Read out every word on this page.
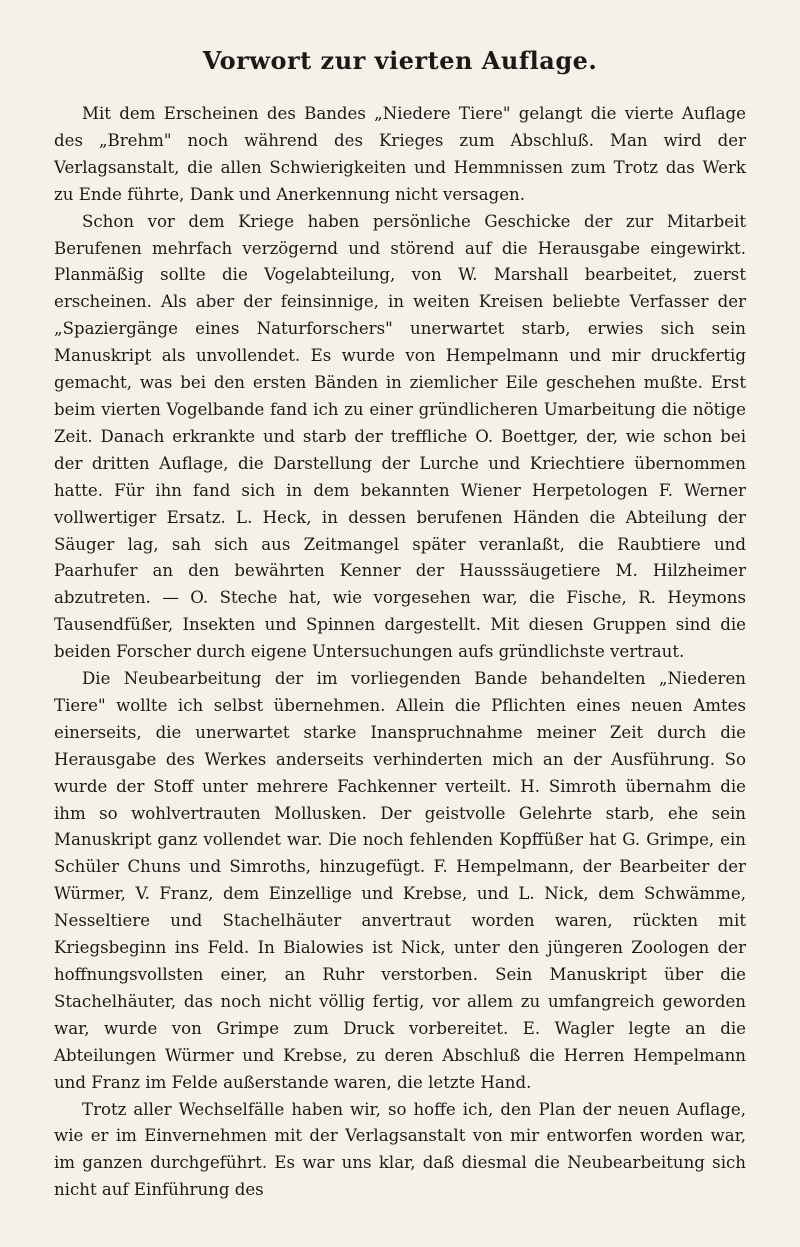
Vorwort zur vierten Auflage.

Mit dem Erscheinen des Bandes „Niedere Tiere" gelangt die vierte Auflage des „Brehm" noch während des Krieges zum Abschluß. Man wird der Verlagsanstalt, die allen Schwierigkeiten und Hemmnissen zum Trotz das Werk zu Ende führte, Dank und Anerkennung nicht versagen.

Schon vor dem Kriege haben persönliche Geschicke der zur Mitarbeit Berufenen mehrfach verzögernd und störend auf die Herausgabe eingewirkt. Planmäßig sollte die Vogelabteilung, von W. Marshall bearbeitet, zuerst erscheinen. Als aber der feinsinnige, in weiten Kreisen beliebte Verfasser der „Spaziergänge eines Naturforschers" unerwartet starb, erwies sich sein Manuskript als unvollendet. Es wurde von Hempelmann und mir druckfertig gemacht, was bei den ersten Bänden in ziemlicher Eile geschehen mußte. Erst beim vierten Vogelbande fand ich zu einer gründlicheren Umarbeitung die nötige Zeit. Danach erkrankte und starb der treffliche O. Boettger, der, wie schon bei der dritten Auflage, die Darstellung der Lurche und Kriechtiere übernommen hatte. Für ihn fand sich in dem bekannten Wiener Herpetologen F. Werner vollwertiger Ersatz. L. Heck, in dessen berufenen Händen die Abteilung der Säuger lag, sah sich aus Zeitmangel später veranlaßt, die Raubtiere und Paarhufer an den bewährten Kenner der Hausssäugetiere M. Hilzheimer abzutreten. — O. Steche hat, wie vorgesehen war, die Fische, R. Heymons Tausendfüßer, Insekten und Spinnen dargestellt. Mit diesen Gruppen sind die beiden Forscher durch eigene Untersuchungen aufs gründlichste vertraut.

Die Neubearbeitung der im vorliegenden Bande behandelten „Niederen Tiere" wollte ich selbst übernehmen. Allein die Pflichten eines neuen Amtes einerseits, die unerwartet starke Inanspruchnahme meiner Zeit durch die Herausgabe des Werkes anderseits verhinderten mich an der Ausführung. So wurde der Stoff unter mehrere Fachkenner verteilt. H. Simroth übernahm die ihm so wohlvertrauten Mollusken. Der geistvolle Gelehrte starb, ehe sein Manuskript ganz vollendet war. Die noch fehlenden Kopffüßer hat G. Grimpe, ein Schüler Chuns und Simroths, hinzugefügt. F. Hempelmann, der Bearbeiter der Würmer, V. Franz, dem Einzellige und Krebse, und L. Nick, dem Schwämme, Nesseltiere und Stachelhäuter anvertraut worden waren, rückten mit Kriegsbeginn ins Feld. In Bialowies ist Nick, unter den jüngeren Zoologen der hoffnungsvollsten einer, an Ruhr verstorben. Sein Manuskript über die Stachelhäuter, das noch nicht völlig fertig, vor allem zu umfangreich geworden war, wurde von Grimpe zum Druck vorbereitet. E. Wagler legte an die Abteilungen Würmer und Krebse, zu deren Abschluß die Herren Hempelmann und Franz im Felde außerstande waren, die letzte Hand.

Trotz aller Wechselfälle haben wir, so hoffe ich, den Plan der neuen Auflage, wie er im Einvernehmen mit der Verlagsanstalt von mir entworfen worden war, im ganzen durchgeführt. Es war uns klar, daß diesmal die Neubearbeitung sich nicht auf Einführung des
